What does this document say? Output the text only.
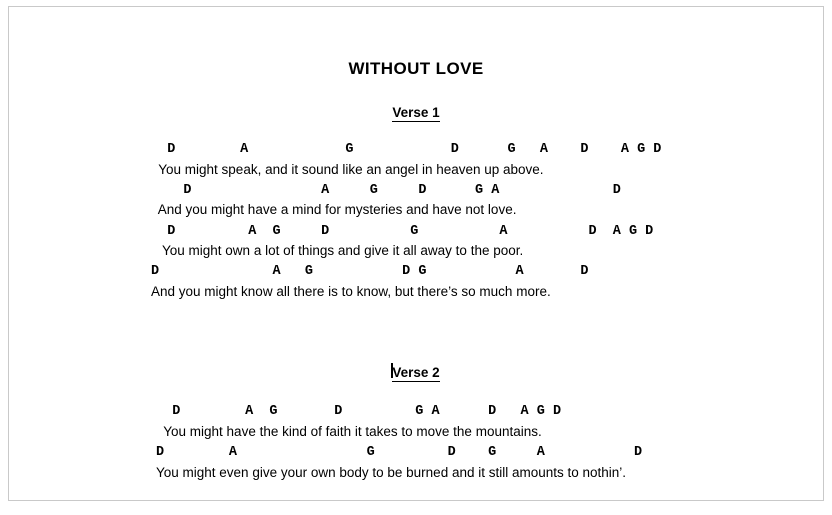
WITHOUT LOVE
Verse 1
D        A            G            D      G   A    D    A G D
You might speak, and it sound like an angel in heaven up above.
D                A     G     D      G A              D
And you might have a mind for mysteries and have not love.
D         A  G     D          G          A          D  A G D
You might own a lot of things and give it all away to the poor.
D              A   G           D G           A       D
And you might know all there is to know, but there’s so much more.
Verse 2
D        A  G       D         G A      D   A G D
You might have the kind of faith it takes to move the mountains.
D        A                G         D    G     A           D
You might even give your own body to be burned and it still amounts to nothin’.
